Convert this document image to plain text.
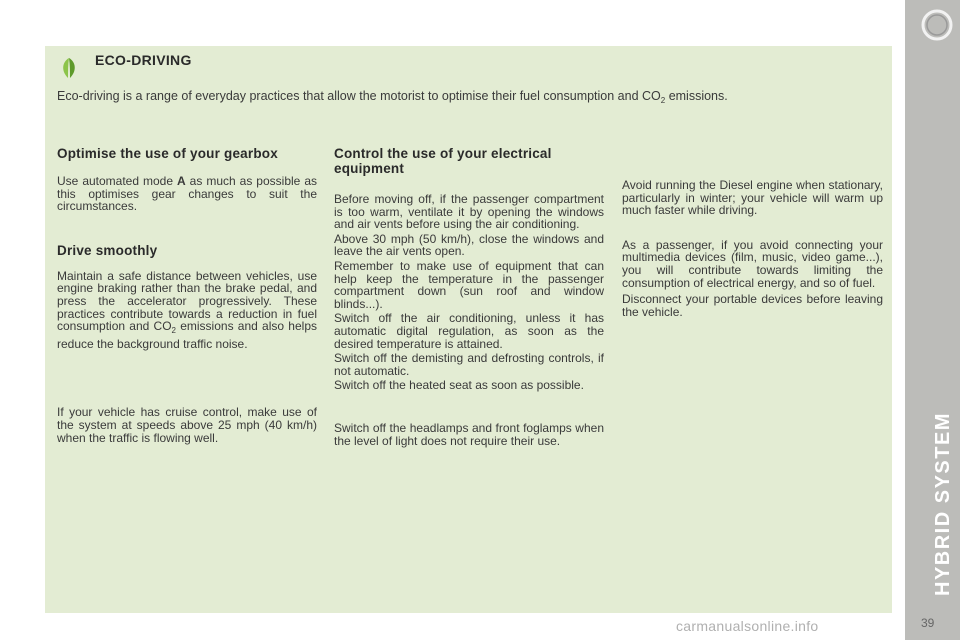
ECO-DRIVING
Eco-driving is a range of everyday practices that allow the motorist to optimise their fuel consumption and $CO_2$ emissions.
Optimise the use of your gearbox

Use automated mode A as much as possible as this optimises gear changes to suit the circumstances.

Drive smoothly

Maintain a safe distance between vehicles, use engine braking rather than the brake pedal, and press the accelerator progressively. These practices contribute towards a reduction in fuel consumption and $CO_2$ emissions and also helps reduce the background traffic noise.

If your vehicle has cruise control, make use of the system at speeds above 25 mph (40 km/h) when the traffic is flowing well.

Control the use of your electrical equipment

Before moving off, if the passenger compartment is too warm, ventilate it by opening the windows and air vents before using the air conditioning.

Above 30 mph (50 km/h), close the windows and leave the air vents open.

Remember to make use of equipment that can help keep the temperature in the passenger compartment down (sun roof and window blinds...).

Switch off the air conditioning, unless it has automatic digital regulation, as soon as the desired temperature is attained.

Switch off the demisting and defrosting controls, if not automatic.

Switch off the heated seat as soon as possible.

Switch off the headlamps and front foglamps when the level of light does not require their use.

Avoid running the Diesel engine when stationary, particularly in winter; your vehicle will warm up much faster while driving.

As a passenger, if you avoid connecting your multimedia devices (film, music, video game...), you will contribute towards limiting the consumption of electrical energy, and so of fuel.

Disconnect your portable devices before leaving the vehicle.

HYBRID SYSTEM
39
carmanualsonline.info
